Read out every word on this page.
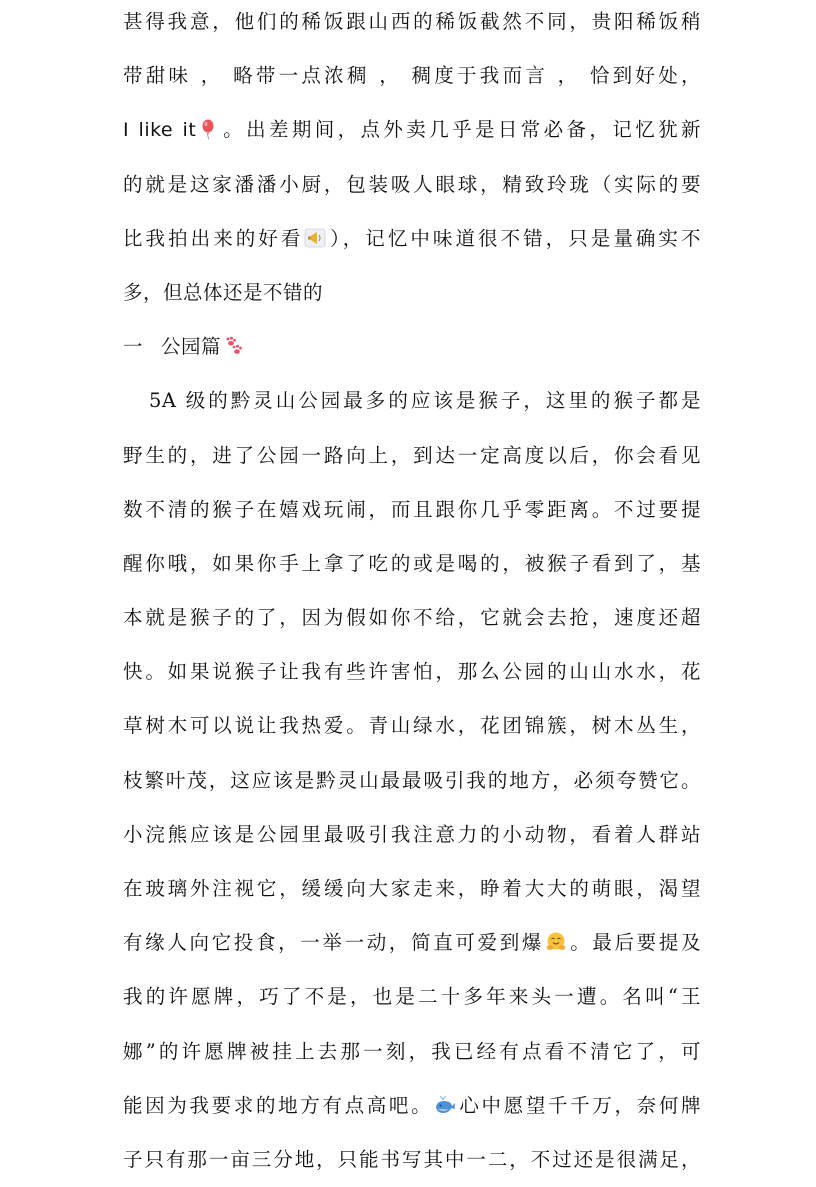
甚得我意，他们的稀饭跟山西的稀饭截然不同，贵阳稀饭稍
带甜味 ， 略带一点浓稠 ， 稠度于我而言 ， 恰到好处，
I like it 。出差期间，点外卖几乎是日常必备，记忆犹新
的就是这家潘潘小厨，包装吸人眼球，精致玲珑（实际的要
比我拍出来的好看 ），记忆中味道很不错，只是量确实不
多，但总体还是不错的
一 公园篇
5A 级的黔灵山公园最多的应该是猴子，这里的猴子都是
野生的，进了公园一路向上，到达一定高度以后，你会看见
数不清的猴子在嬉戏玩闹，而且跟你几乎零距离。不过要提
醒你哦，如果你手上拿了吃的或是喝的，被猴子看到了，基
本就是猴子的了，因为假如你不给，它就会去抢，速度还超
快。如果说猴子让我有些许害怕，那么公园的山山水水，花
草树木可以说让我热爱。青山绿水，花团锦簇，树木丛生，
枝繁叶茂，这应该是黔灵山最最吸引我的地方，必须夸赞它。
小浣熊应该是公园里最吸引我注意力的小动物，看着人群站
在玻璃外注视它，缓缓向大家走来，睁着大大的萌眼，渴望
有缘人向它投食，一举一动，简直可爱到爆 。最后要提及
我的许愿牌，巧了不是，也是二十多年来头一遭。名叫“王
娜”的许愿牌被挂上去那一刻，我已经有点看不清它了，可
能因为我要求的地方有点高吧。 心中愿望千千万，奈何牌
子只有那一亩三分地，只能书写其中一二，不过还是很满足，
